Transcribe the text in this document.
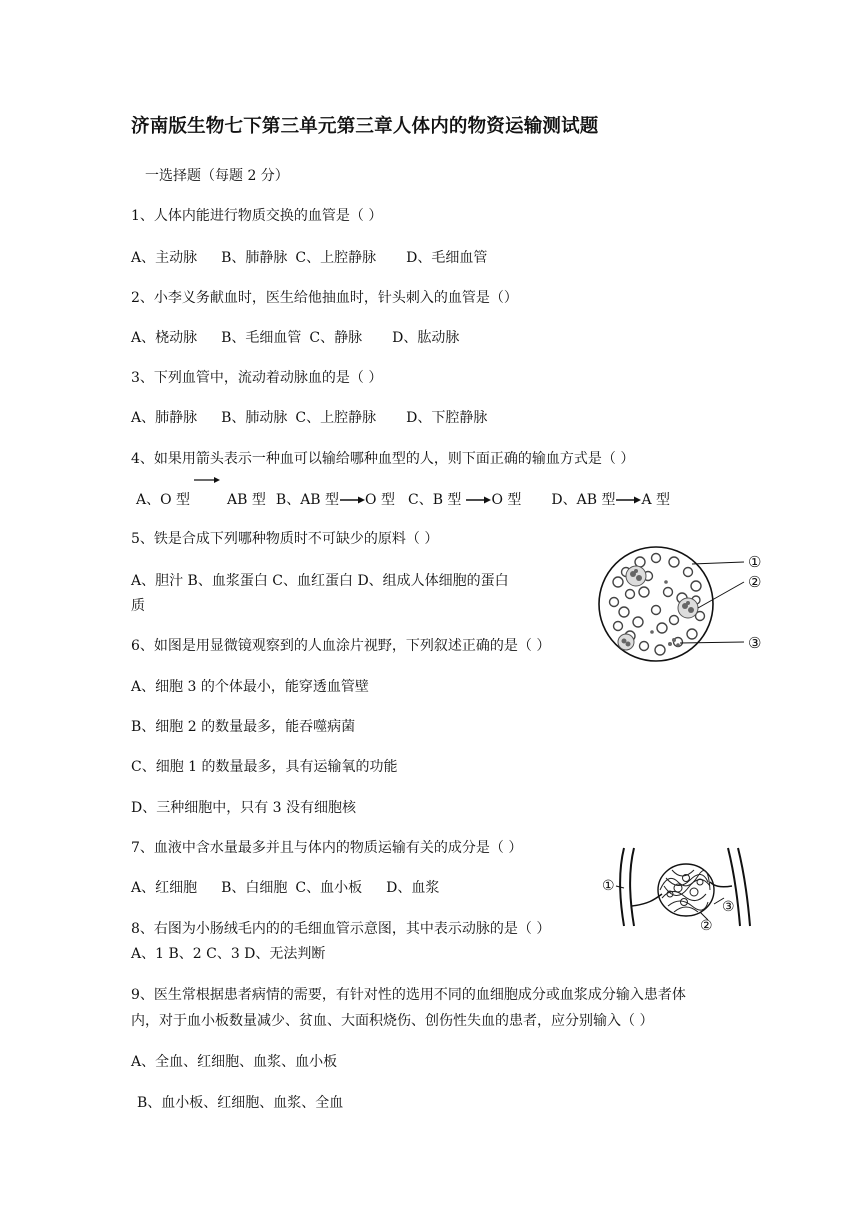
济南版生物七下第三单元第三章人体内的物资运输测试题
一选择题（每题 2 分）
1、人体内能进行物质交换的血管是（ ）
A、主动脉 B、肺静脉 C、上腔静脉 D、毛细血管
2、小李义务献血时，医生给他抽血时，针头刺入的血管是（）
A、桡动脉 B、毛细血管 C、静脉 D、肱动脉
3、下列血管中，流动着动脉血的是（ ）
A、肺静脉 B、肺动脉 C、上腔静脉 D、下腔静脉
4、如果用箭头表示一种血可以输给哪种血型的人，则下面正确的输血方式是（ ）
A、O 型	AB 型 B、AB 型 O 型 C、B 型 O 型 D、AB 型 A 型
5、铁是合成下列哪种物质时不可缺少的原料（ ）
A、胆汁 B、血浆蛋白 C、血红蛋白 D、组成人体细胞的蛋白
质
①
②
③
6、如图是用显微镜观察到的人血涂片视野，下列叙述正确的是（ ）
A、细胞 3 的个体最小，能穿透血管壁
B、细胞 2 的数量最多，能吞噬病菌
C、细胞 1 的数量最多，具有运输氧的功能
D、三种细胞中，只有 3 没有细胞核
7、血液中含水量最多并且与体内的物质运输有关的成分是（ ）
A、红细胞 B、白细胞 C、血小板 D、血浆	①
③
②
8、右图为小肠绒毛内的的毛细血管示意图，其中表示动脉的是（ ）
A、1 B、2 C、3 D、无法判断
9、医生常根据患者病情的需要，有针对性的选用不同的血细胞成分或血浆成分输入患者体
内，对于血小板数量减少、贫血、大面积烧伤、创伤性失血的患者，应分别输入（ ）
A、全血、红细胞、血浆、血小板
B、血小板、红细胞、血浆、全血
